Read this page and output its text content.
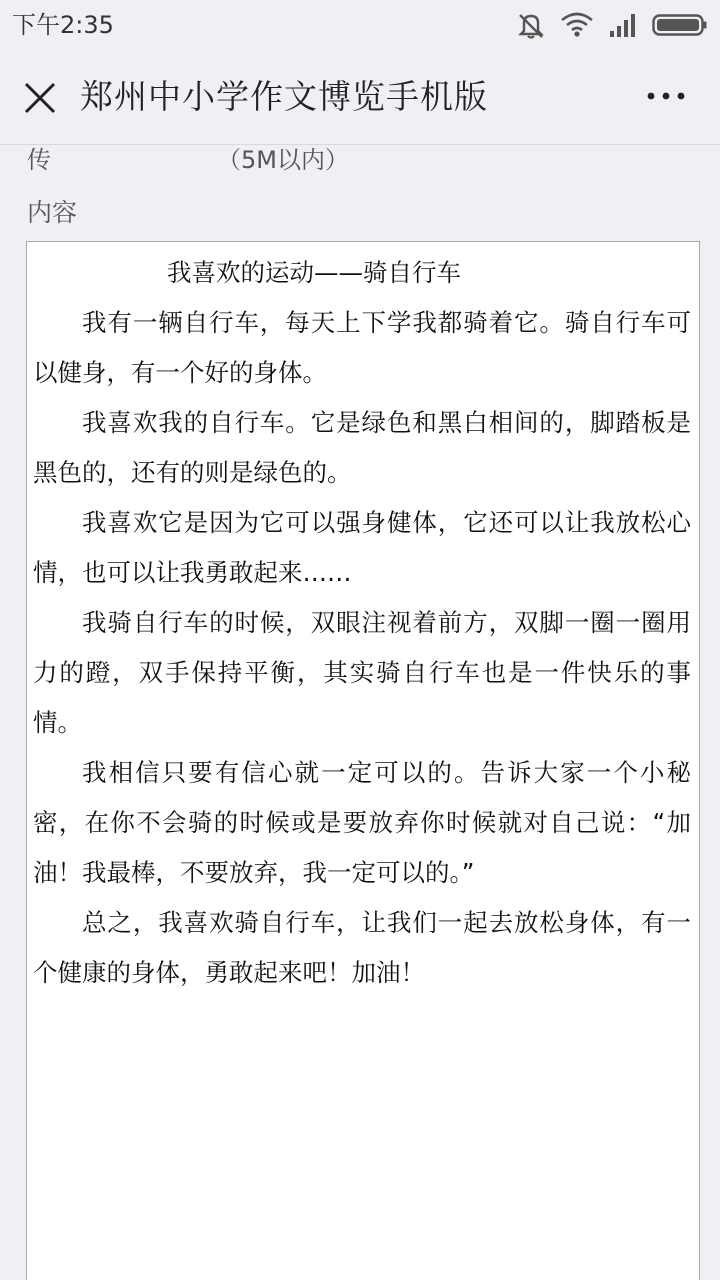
下午2:35
郑州中小学作文博览手机版
传	（5M以内）
内容

我喜欢的运动——骑自行车

我有一辆自行车，每天上下学我都骑着它。骑自行车可以健身，有一个好的身体。

我喜欢我的自行车。它是绿色和黑白相间的，脚踏板是黑色的，还有的则是绿色的。

我喜欢它是因为它可以强身健体，它还可以让我放松心情，也可以让我勇敢起来……

我骑自行车的时候，双眼注视着前方，双脚一圈一圈用力的蹬，双手保持平衡，其实骑自行车也是一件快乐的事情。

我相信只要有信心就一定可以的。告诉大家一个小秘密，在你不会骑的时候或是要放弃你时候就对自己说：“加油！我最棒，不要放弃，我一定可以的。”

总之，我喜欢骑自行车，让我们一起去放松身体，有一个健康的身体，勇敢起来吧！加油！
